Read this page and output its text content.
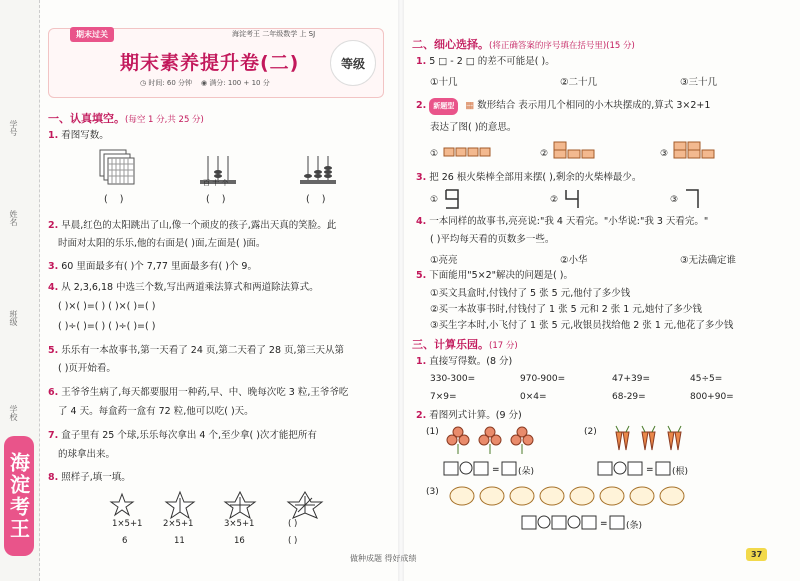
学号
姓名
班级
学校
海淀考王
期末过关	海淀考王 二年级数学 上 SJ
期末素养提升卷(二)
◷ 时间: 60 分钟 ◉ 满分: 100 + 10 分
等级
一、认真填空。(每空 1 分,共 25 分)
1. 看图写数。
百 十 个
(    )	(    )	(    )
2. 早晨,红色的太阳跳出了山,像一个顽皮的孩子,露出天真的笑脸。此
时面对太阳的乐乐,他的右面是( )面,左面是( )面。
3. 60 里面最多有( )个 7,77 里面最多有( )个 9。
4. 从 2,3,6,18 中选三个数,写出两道乘法算式和两道除法算式。
( )×( )=( ) ( )×( )=( )
( )÷( )=( ) ( )÷( )=( )
5. 乐乐有一本故事书,第一天看了 24 页,第二天看了 28 页,第三天从第
( )页开始看。
6. 王爷爷生病了,每天都要服用一种药,早、中、晚每次吃 3 粒,王爷爷吃
了 4 天。每盒药一盒有 72 粒,他可以吃( )天。
7. 盒子里有 25 个球,乐乐每次拿出 4 个,至少拿( )次才能把所有
的球拿出来。
8. 照样子,填一填。
1×5+1 2×5+1	3×5+1	( )
6	11	16	( )
二、细心选择。(将正确答案的序号填在括号里)(15 分)
1. 5 □ - 2 □ 的差不可能是( )。
①十几	②二十几	③三十几
2. 新题型 ▦ 数形结合 表示用几个相同的小木块摆成的,算式 3×2+1
表达了图( )的意思。
①	②	③
3. 把 26 根火柴棒全部用来摆( ),剩余的火柴棒最少。
①	②	③
4. 一本同样的故事书,亮亮说:"我 4 天看完。"小华说:"我 3 天看完。"
( )平均每天看的页数多一些。
①亮亮	②小华	③无法确定谁
5. 下面能用"5×2"解决的问题是( )。
①买文具盒时,付钱付了 5 张 5 元,他付了多少钱
②买一本故事书时,付钱付了 1 张 5 元和 2 张 1 元,她付了多少钱
③买生字本时,小飞付了 1 张 5 元,收银员找给他 2 张 1 元,他花了多少钱
三、计算乐园。(17 分)
1. 直接写得数。(8 分)
330-300=	970-900=	47+39=	45÷5=
7×9=	0×4=	68-29=	800+90=
2. 看图列式计算。(9 分)
(1)	(2)
=	=
(3)
=
(朵)	(根)
(条)
做种成题 得好成绩	37
